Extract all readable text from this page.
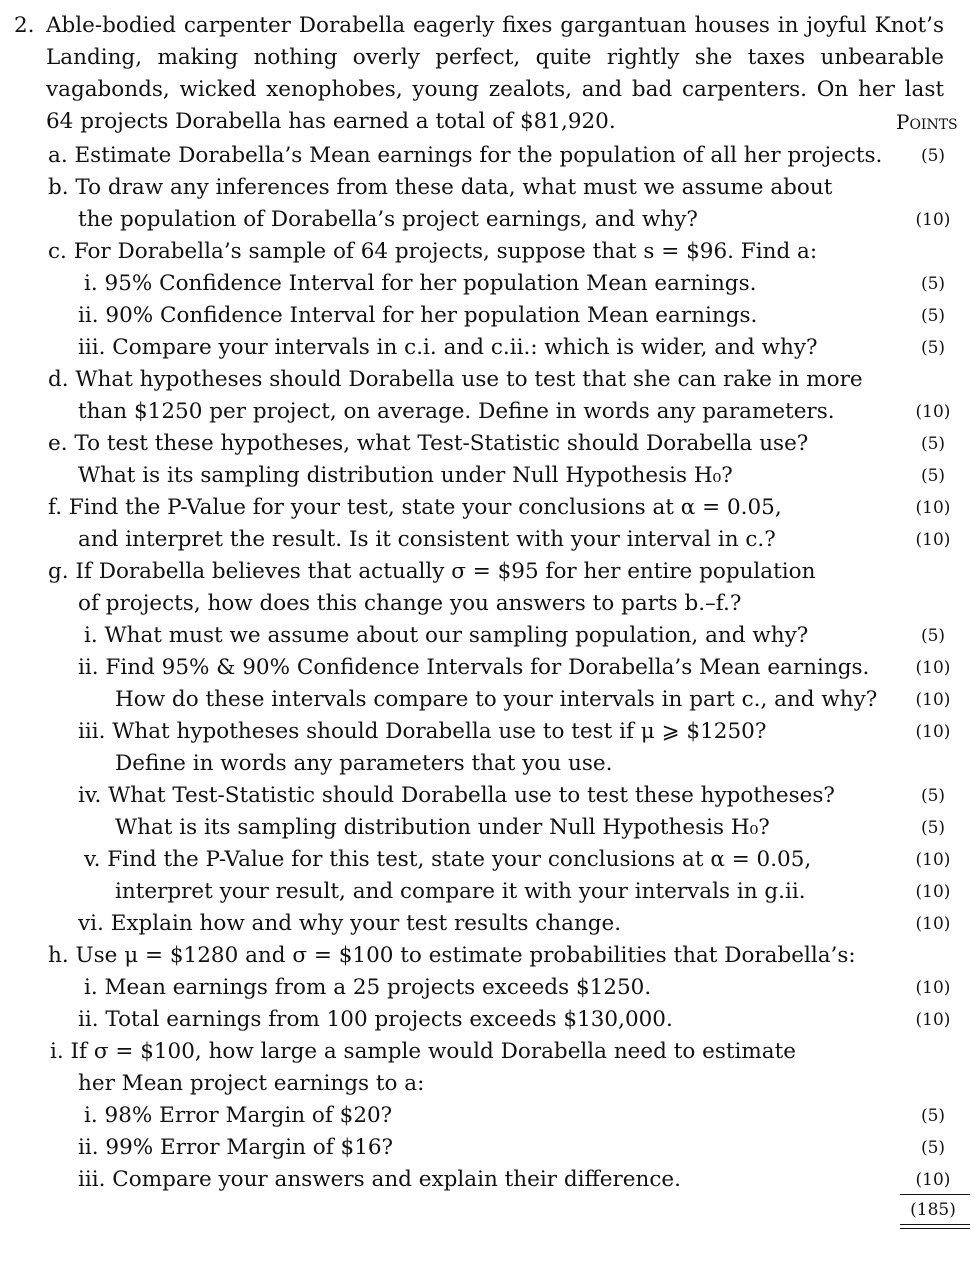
2. Able-bodied carpenter Dorabella eagerly fixes gargantuan houses in joyful Knot’s
Landing, making nothing overly perfect, quite rightly she taxes unbearable
vagabonds, wicked xenophobes, young zealots, and bad carpenters. On her last
64 projects Dorabella has earned a total of $81,920.	Points
a. Estimate Dorabella’s Mean earnings for the population of all her projects.	(5)
b. To draw any inferences from these data, what must we assume about
the population of Dorabella’s project earnings, and why?	(10)
c. For Dorabella’s sample of 64 projects, suppose that s = $96. Find a:
i. 95% Confidence Interval for her population Mean earnings.	(5)
ii. 90% Confidence Interval for her population Mean earnings.	(5)
iii. Compare your intervals in c.i. and c.ii.: which is wider, and why?	(5)
d. What hypotheses should Dorabella use to test that she can rake in more
than $1250 per project, on average. Define in words any parameters.	(10)
e. To test these hypotheses, what Test-Statistic should Dorabella use?	(5)
What is its sampling distribution under Null Hypothesis H₀?	(5)
f. Find the P-Value for your test, state your conclusions at α = 0.05,	(10)
and interpret the result. Is it consistent with your interval in c.?	(10)
g. If Dorabella believes that actually σ = $95 for her entire population
of projects, how does this change you answers to parts b.–f.?
i. What must we assume about our sampling population, and why?	(5)
ii. Find 95% & 90% Confidence Intervals for Dorabella’s Mean earnings.	(10)
How do these intervals compare to your intervals in part c., and why?	(10)
iii. What hypotheses should Dorabella use to test if μ ⩾ $1250?	(10)
Define in words any parameters that you use.
iv. What Test-Statistic should Dorabella use to test these hypotheses?	(5)
What is its sampling distribution under Null Hypothesis H₀?	(5)
v. Find the P-Value for this test, state your conclusions at α = 0.05,	(10)
interpret your result, and compare it with your intervals in g.ii.	(10)
vi. Explain how and why your test results change.	(10)
h. Use μ = $1280 and σ = $100 to estimate probabilities that Dorabella’s:
i. Mean earnings from a 25 projects exceeds $1250.	(10)
ii. Total earnings from 100 projects exceeds $130,000.	(10)
i. If σ = $100, how large a sample would Dorabella need to estimate
her Mean project earnings to a:
i. 98% Error Margin of $20?	(5)
ii. 99% Error Margin of $16?	(5)
iii. Compare your answers and explain their difference.	(10)
(185)
